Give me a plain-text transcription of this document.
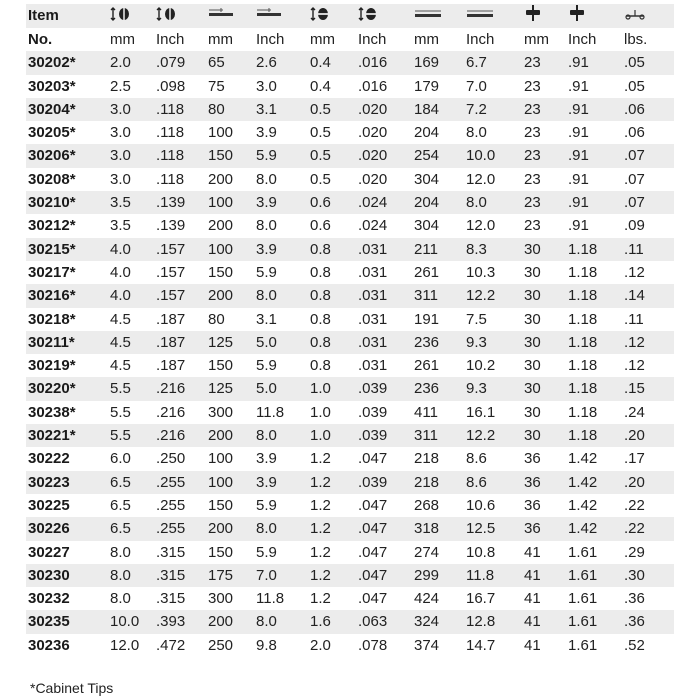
Item											
No.	mm	Inch	mm	Inch	mm	Inch	mm	Inch	mm	Inch	lbs.
30202*	2.0	.079	65	2.6	0.4	.016	169	6.7	23	.91	.05
30203*	2.5	.098	75	3.0	0.4	.016	179	7.0	23	.91	.05
30204*	3.0	.118	80	3.1	0.5	.020	184	7.2	23	.91	.06
30205*	3.0	.118	100	3.9	0.5	.020	204	8.0	23	.91	.06
30206*	3.0	.118	150	5.9	0.5	.020	254	10.0	23	.91	.07
30208*	3.0	.118	200	8.0	0.5	.020	304	12.0	23	.91	.07
30210*	3.5	.139	100	3.9	0.6	.024	204	8.0	23	.91	.07
30212*	3.5	.139	200	8.0	0.6	.024	304	12.0	23	.91	.09
30215*	4.0	.157	100	3.9	0.8	.031	211	8.3	30	1.18	.11
30217*	4.0	.157	150	5.9	0.8	.031	261	10.3	30	1.18	.12
30216*	4.0	.157	200	8.0	0.8	.031	311	12.2	30	1.18	.14
30218*	4.5	.187	80	3.1	0.8	.031	191	7.5	30	1.18	.11
30211*	4.5	.187	125	5.0	0.8	.031	236	9.3	30	1.18	.12
30219*	4.5	.187	150	5.9	0.8	.031	261	10.2	30	1.18	.12
30220*	5.5	.216	125	5.0	1.0	.039	236	9.3	30	1.18	.15
30238*	5.5	.216	300	11.8	1.0	.039	411	16.1	30	1.18	.24
30221*	5.5	.216	200	8.0	1.0	.039	311	12.2	30	1.18	.20
30222	6.0	.250	100	3.9	1.2	.047	218	8.6	36	1.42	.17
30223	6.5	.255	100	3.9	1.2	.039	218	8.6	36	1.42	.20
30225	6.5	.255	150	5.9	1.2	.047	268	10.6	36	1.42	.22
30226	6.5	.255	200	8.0	1.2	.047	318	12.5	36	1.42	.22
30227	8.0	.315	150	5.9	1.2	.047	274	10.8	41	1.61	.29
30230	8.0	.315	175	7.0	1.2	.047	299	11.8	41	1.61	.30
30232	8.0	.315	300	11.8	1.2	.047	424	16.7	41	1.61	.36
30235	10.0	.393	200	8.0	1.6	.063	324	12.8	41	1.61	.36
30236	12.0	.472	250	9.8	2.0	.078	374	14.7	41	1.61	.52
*Cabinet Tips
